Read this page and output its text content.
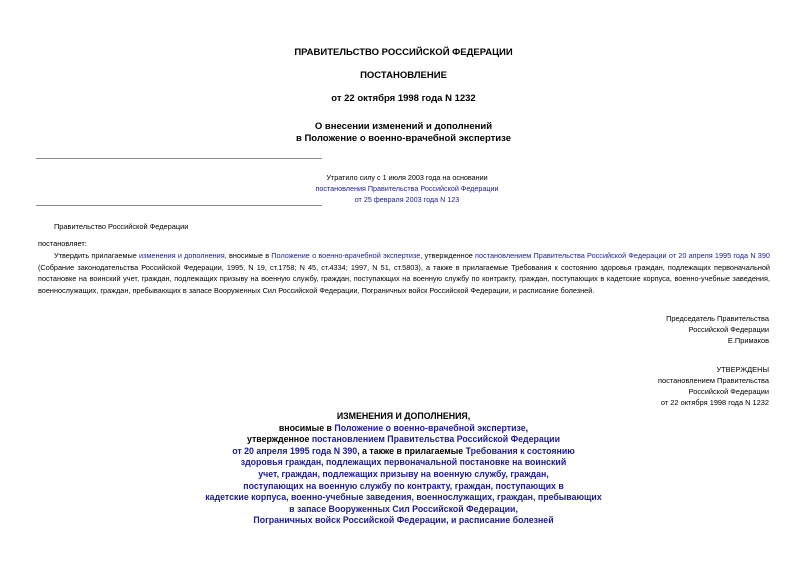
ПРАВИТЕЛЬСТВО РОССИЙСКОЙ ФЕДЕРАЦИИ
ПОСТАНОВЛЕНИЕ
от 22 октября 1998 года N 1232
О внесении изменений и дополнений
в Положение о военно-врачебной экспертизе
Утратило силу с 1 июля 2003 года на основании
постановления Правительства Российской Федерации
от 25 февраля 2003 года N 123
Правительство Российской Федерации
постановляет:
Утвердить прилагаемые изменения и дополнения, вносимые в Положение о военно-врачебной экспертизе, утвержденное постановлением Правительства Российской Федерации от 20 апреля 1995 года N 390 (Собрание законодательства Российской Федерации, 1995, N 19, ст.1758; N 45, ст.4334; 1997, N 51, ст.5803), а также в прилагаемые Требования к состоянию здоровья граждан, подлежащих первоначальной постановке на воинский учет, граждан, подлежащих призыву на военную службу, граждан, поступающих на военную службу по контракту, граждан, поступающих в кадетские корпуса, военно-учебные заведения, военнослужащих, граждан, пребывающих в запасе Вооруженных Сил Российской Федерации, Пограничных войск Российской Федерации, и расписание болезней.
Председатель Правительства
Российской Федерации
Е.Примаков
УТВЕРЖДЕНЫ
постановлением Правительства
Российской Федерации
от 22 октября 1998 года N 1232
ИЗМЕНЕНИЯ И ДОПОЛНЕНИЯ,
вносимые в Положение о военно-врачебной экспертизе,
утвержденное постановлением Правительства Российской Федерации
от 20 апреля 1995 года N 390, а также в прилагаемые Требования к состоянию
здоровья граждан, подлежащих первоначальной постановке на воинский
учет, граждан, подлежащих призыву на военную службу, граждан,
поступающих на военную службу по контракту, граждан, поступающих в
кадетские корпуса, военно-учебные заведения, военнослужащих, граждан, пребывающих
в запасе Вооруженных Сил Российской Федерации,
Пограничных войск Российской Федерации, и расписание болезней
